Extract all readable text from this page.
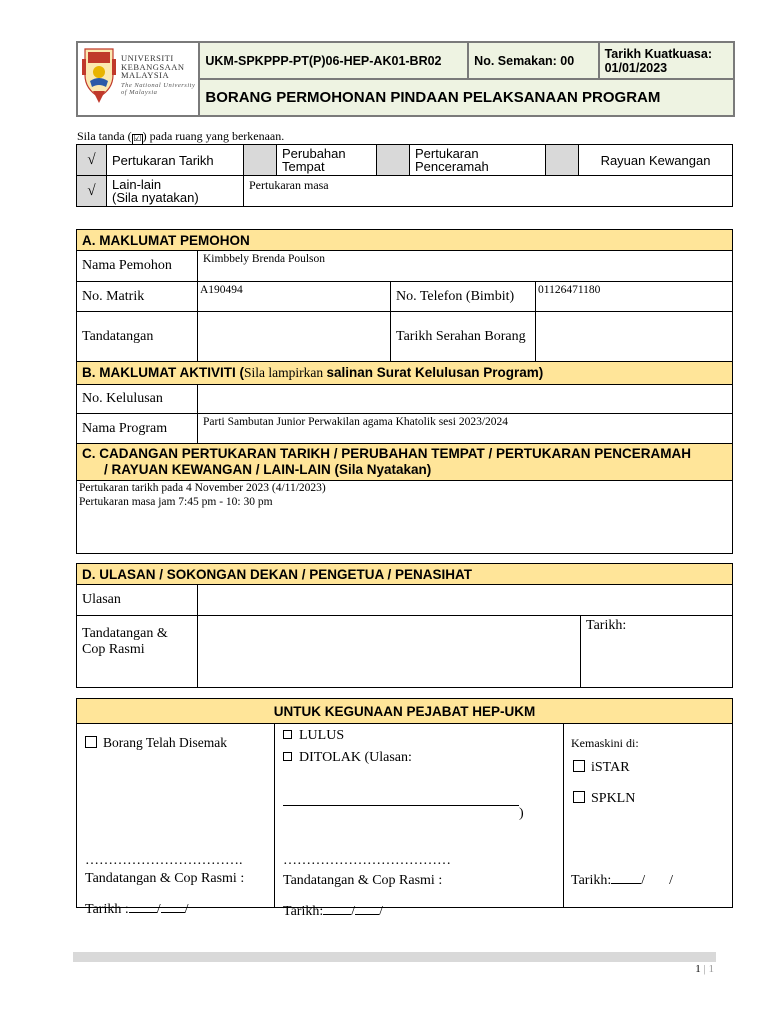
UNIVERSITI
KEBANGSAAN
MALAYSIA
The National University
of Malaysia
	UKM-SPKPPP-PT(P)06-HEP-AK01-BR02	No. Semakan: 00	Tarikh Kuatkuasa:
01/01/2023

BORANG PERMOHONAN PINDAAN PELAKSANAAN PROGRAM
Sila tanda (☑) pada ruang yang berkenaan.
√	Pertukaran Tarikh		Perubahan Tempat		Pertukaran Penceramah		Rayuan Kewangan
√	Lain-lain
(Sila nyatakan)	Pertukaran masa					
A. MAKLUMAT PEMOHON			
Nama Pemohon	Kimbbely Brenda Poulson		
No. Matrik	A190494	No. Telefon (Bimbit)	01126471180
Tandatangan		Tarikh Serahan Borang	
B. MAKLUMAT AKTIVITI (Sila lampirkan salinan Surat Kelulusan Program)			
No. Kelulusan			
Nama Program	Parti Sambutan Junior Perwakilan agama Khatolik sesi 2023/2024		

C. CADANGAN PERTUKARAN TARIKH / PERUBAHAN TEMPAT / PERTUKARAN PENCERAMAH
/ RAYUAN KEWANGAN / LAIN-LAIN (Sila Nyatakan)			

Pertukaran tarikh pada 4 November 2023 (4/11/2023)
Pertukaran masa jam 7:45 pm - 10: 30 pm			
D. ULASAN / SOKONGAN DEKAN / PENGETUA / PENASIHAT		
Ulasan		

Tandatangan &
Cop Rasmi		Tarikh:
UNTUK KEGUNAAN PEJABAT HEP-UKM

Borang Telah Disemak
…………………………….
Tandatangan & Cop Rasmi :
Tarikh : / /

LULUS
DITOLAK (Ulasan:
)
………………………………
Tandatangan & Cop Rasmi :
Tarikh: / /

Kemaskini di:
iSTAR
SPKLN
Tarikh: / /
1 | 1
